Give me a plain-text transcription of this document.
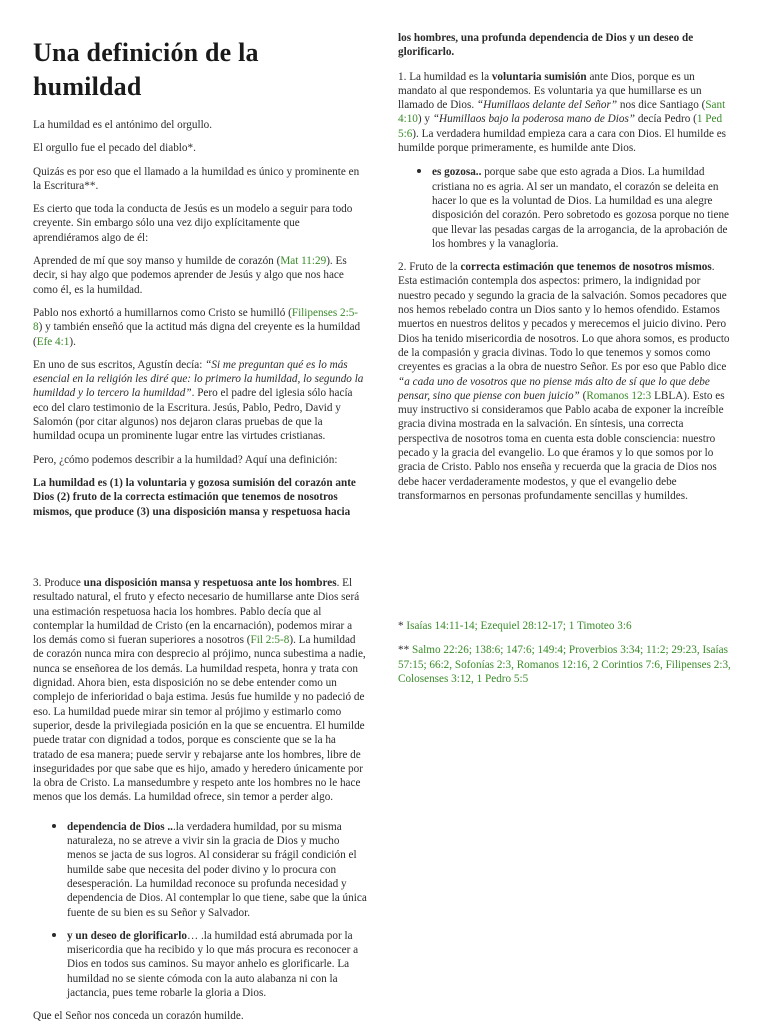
Una definición de la humildad

La humildad es el antónimo del orgullo.

El orgullo fue el pecado del diablo*.

Quizás es por eso que el llamado a la humildad es único y prominente en la Escritura**.

Es cierto que toda la conducta de Jesús es un modelo a seguir para todo creyente. Sin embargo sólo una vez dijo explícitamente que aprendiéramos algo de él:

Aprended de mí que soy manso y humilde de corazón (Mat 11:29). Es decir, si hay algo que podemos aprender de Jesús y algo que nos hace como él, es la humildad.

Pablo nos exhortó a humillarnos como Cristo se humilló (Filipenses 2:5-8) y también enseñó que la actitud más digna del creyente es la humildad (Efe 4:1).

En uno de sus escritos, Agustín decía: “Si me preguntan qué es lo más esencial en la religión les diré que: lo primero la humildad, lo segundo la humildad y lo tercero la humildad”. Pero el padre del iglesia sólo hacía eco del claro testimonio de la Escritura. Jesús, Pablo, Pedro, David y Salomón (por citar algunos) nos dejaron claras pruebas de que la humildad ocupa un prominente lugar entre las virtudes cristianas.

Pero, ¿cómo podemos describir a la humildad? Aquí una definición:

La humildad es (1) la voluntaria y gozosa sumisión del corazón ante Dios (2) fruto de la correcta estimación que tenemos de nosotros mismos, que produce (3) una disposición mansa y respetuosa hacia

los hombres, una profunda dependencia de Dios y un deseo de glorificarlo.

1. La humildad es la voluntaria sumisión ante Dios, porque es un mandato al que respondemos. Es voluntaria ya que humillarse es un llamado de Dios. “Humillaos delante del Señor” nos dice Santiago (Sant 4:10) y “Humillaos bajo la poderosa mano de Dios” decía Pedro (1 Ped 5:6). La verdadera humildad empieza cara a cara con Dios. El humilde es humilde porque primeramente, es humilde ante Dios.

• es gozosa.. porque sabe que esto agrada a Dios. La humildad cristiana no es agria. Al ser un mandato, el corazón se deleita en hacer lo que es la voluntad de Dios. La humildad es una alegre disposición del corazón. Pero sobretodo es gozosa porque no tiene que llevar las pesadas cargas de la arrogancia, de la aprobación de los hombres y la vanagloria.

2. Fruto de la correcta estimación que tenemos de nosotros mismos. Esta estimación contempla dos aspectos: primero, la indignidad por nuestro pecado y segundo la gracia de la salvación. Somos pecadores que nos hemos rebelado contra un Dios santo y lo hemos ofendido. Estamos muertos en nuestros delitos y pecados y merecemos el juicio divino. Pero Dios ha tenido misericordia de nosotros. Lo que ahora somos, es producto de la compasión y gracia divinas. Todo lo que tenemos y somos como creyentes es gracias a la obra de nuestro Señor. Es por eso que Pablo dice “a cada uno de vosotros que no piense más alto de sí que lo que debe pensar, sino que piense con buen juicio” (Romanos 12:3 LBLA). Esto es muy instructivo si consideramos que Pablo acaba de exponer la increíble gracia divina mostrada en la salvación. En síntesis, una correcta perspectiva de nosotros toma en cuenta esta doble consciencia: nuestro pecado y la gracia del evangelio. Lo que éramos y lo que somos por lo gracia de Cristo. Pablo nos enseña y recuerda que la gracia de Dios nos debe hacer verdaderamente modestos, y que el evangelio debe transformarnos en personas profundamente sencillas y humildes.

3. Produce una disposición mansa y respetuosa ante los hombres. El resultado natural, el fruto y efecto necesario de humillarse ante Dios será una estimación respetuosa hacia los hombres. Pablo decía que al contemplar la humildad de Cristo (en la encarnación), podemos mirar a los demás como si fueran superiores a nosotros (Fil 2:5-8). La humildad de corazón nunca mira con desprecio al prójimo, nunca subestima a nadie, nunca se enseñorea de los demás. La humildad respeta, honra y trata con dignidad. Ahora bien, esta disposición no se debe entender como un complejo de inferioridad o baja estima. Jesús fue humilde y no padeció de eso. La humildad puede mirar sin temor al prójimo y estimarlo como superior, desde la privilegiada posición en la que se encuentra. El humilde puede tratar con dignidad a todos, porque es consciente que se la ha tratado de esa manera; puede servir y rebajarse ante los hombres, libre de inseguridades por que sabe que es hijo, amado y heredero únicamente por la obra de Cristo. La mansedumbre y respeto ante los hombres no le hace menos que los demás. La humildad ofrece, sin temor a perder algo.

• dependencia de Dios ...la verdadera humildad, por su misma naturaleza, no se atreve a vivir sin la gracia de Dios y mucho menos se jacta de sus logros. Al considerar su frágil condición el humilde sabe que necesita del poder divino y lo procura con desesperación. La humildad reconoce su profunda necesidad y dependencia de Dios. Al contemplar lo que tiene, sabe que la única fuente de su bien es su Señor y Salvador.
• y un deseo de glorificarlo… .la humildad está abrumada por la misericordia que ha recibido y lo que más procura es reconocer a Dios en todos sus caminos. Su mayor anhelo es glorificarle. La humildad no se siente cómoda con la auto alabanza ni con la jactancia, pues teme robarle la gloria a Dios.

Que el Señor nos conceda un corazón humilde.

* Isaías 14:11-14; Ezequiel 28:12-17; 1 Timoteo 3:6

** Salmo 22:26; 138:6; 147:6; 149:4; Proverbios 3:34; 11:2; 29:23, Isaías 57:15; 66:2, Sofonías 2:3, Romanos 12:16, 2 Corintios 7:6, Filipenses 2:3, Colosenses 3:12, 1 Pedro 5:5
